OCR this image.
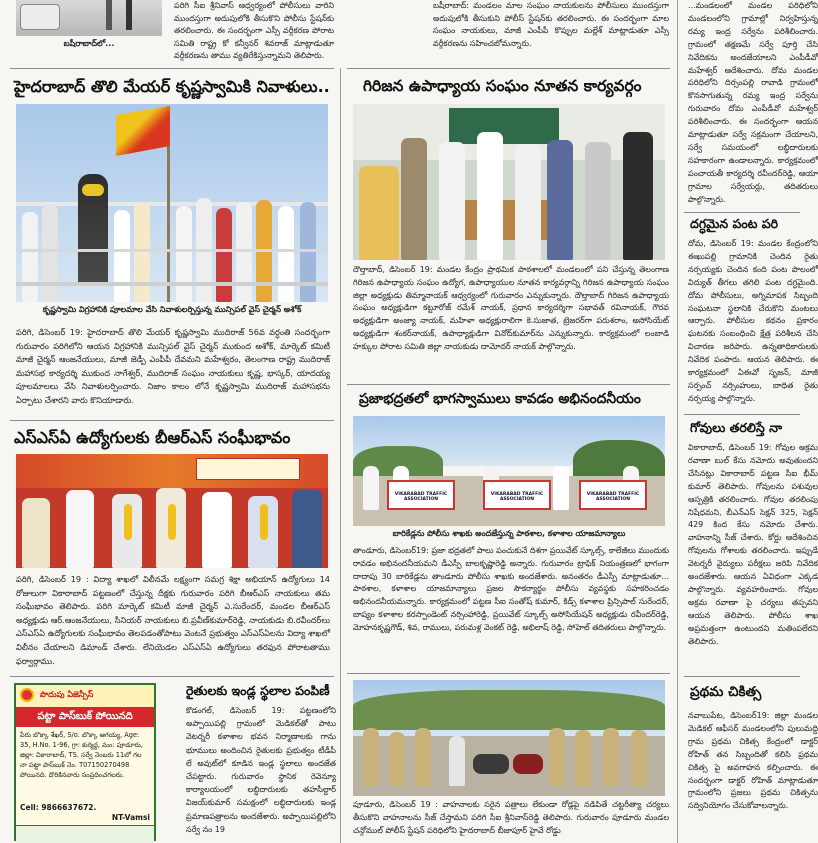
బషీరాబాద్‌లో...
పరిగి సీఐ శ్రీనివాస్ ఆధ్వర్యంలో పోలీసులు వారిని ముందస్తుగా అదుపులోకి తీసుకొని పోలీసు స్టేషన్‌కు తరలించారు. ఈ సందర్భంగా ఎస్సీ వర్గీకరణ పోరాట సమితి రాష్ట్ర కో కన్వీనర్ శివరాజ్ మాట్లాడుతూ వర్గీకరణను తాము వ్యతిరేకిస్తున్నామని తెలిపారు.
హైదరాబాద్ తొలి మేయర్ కృష్ణస్వామికి నివాళులు..
కృష్ణస్వామి విగ్రహానికి పూలమాల వేసి నివాళులర్పిస్తున్న మున్సిపల్ వైస్ చైర్మన్ అశోక్
పరిగి, డిసెంబర్ 19: హైదరాబాద్ తొలి మేయర్ కృష్ణస్వామి ముదిరాజ్ 56వ వర్ధంతి సందర్భంగా గురువారం పరిగిలోని ఆయన విగ్రహానికి మున్సిపల్ వైస్ చైర్మన్ ముకుంద అశోక్, మార్కెట్ కమిటీ మాజీ చైర్మన్ ఆంజనేయులు, మాజీ జెడ్పీ ఎంపీపీ దేవమని మహేశ్వరం, తెలంగాణ రాష్ట్ర ముదిరాజ్ మహాసభ కార్యదర్శి ముకుంద నాగేశ్వర్, ముదిరాజ్ సంఘం నాయకులు కృష్ణ, భాస్కర్, యాదయ్య పూలమాలలు వేసి నివాళులర్పించారు. నిజాం కాలం లోనే కృష్ణస్వామి ముదిరాజ్ మహాసభను ఏర్పాటు చేశారని వారు కొనియాడారు.
ఎస్ఎస్ఏ ఉద్యోగులకు బీఆర్ఎస్ సంఘీభావం
పరిగి, డిసెంబర్ 19 : విద్యా శాఖలో విలీనమే లక్ష్యంగా సమగ్ర శిక్షా అభియాన్ ఉద్యోగులు 14 రోజులుగా వికారాబాద్ పట్టణంలో చేస్తున్న దీక్షకు గురువారం పరిగి బీఆర్ఎస్ నాయకులు తమ సంఘీభావం తెలిపారు. పరిగి మార్కెట్ కమిటీ మాజీ చైర్మన్ ఎ.సురేందర్, మండల బీఆర్ఎస్ అధ్యక్షుడు ఆర్.ఆంజనేయులు, సీనియర్ నాయకులు బి.ప్రవీణ్‌కుమార్‌రెడ్డి, నాయకుడు బి.రవీందర్‌లు ఎస్ఎస్ఏ ఉద్యోగులకు సంఘీభావం తెలపడంతోపాటు వెంటనే ప్రభుత్వం ఎస్ఎస్ఏలను విద్యా శాఖలో విలీనం చేయాలని డిమాండ్ చేశారు. లేనియెడల ఎస్ఎస్ఏ ఉద్యోగులు తరఫున పోరాటతాము ఫర్వార్గాము.
పొదుపు ఏజెన్సీస్
పట్టా పాస్‌బుక్ పోయినది
పేరు బొక్కా శేఖర్, S/o. బొక్కా ఆగయ్య, Age: 35, H.No. 1-96, గ్రా: కుర్మిద్ద, మం: పూడూరు, జిల్లా: వికారాబాద్, TS. సర్వే నెంబరు 11లో గల నా పట్టా పాస్‌బుక్ నెం. T07150270498 పోయినది. దొరికినవారు సంప్రదించగలరు.
Cell: 9866637672.
NT-Vamsi
రైతులకు ఇండ్ల స్థలాల పంపిణీ
కొడంగల్, డిసెంబర్ 19: పట్టణంలోని అప్పాయిపల్లి గ్రామంలో మెడికల్‌తో పాటు వెటర్నరీ కళాశాల భవన నిర్మాణాలకు గాను భూములు అందించిన రైతులకు ప్రభుత్వం టీడీపీ లే అవుట్‌లో కూడిన ఇండ్ల స్థలాలు అందజేత చేపట్టారు. గురువారం స్థానిక రెవెన్యూ కార్యాలయంలో లబ్ధిదారులకు తహసీల్దార్ విజయ్‌కుమార్ సమక్షంలో లబ్ధిదారులకు ఇండ్ల ప్రమాణపత్రాలను అందజేశారు. అప్పాయిపల్లిలోని సర్వే నం 19
బషీరాబాద్: మండలం మాల సంఘం నాయకులను పోలీసులు ముందస్తుగా అదుపులోకి తీసుకుని పోలీస్ స్టేషన్‌కు తరలించారు. ఈ సందర్భంగా మాల సంఘం నాయకులు, మాజీ ఎంపీపీ కొప్పుల మల్లేశ్ మాట్లాడుతూ ఎస్సీ వర్గీకరణను సహించబోమన్నారు.
గిరిజన ఉపాధ్యాయ సంఘం నూతన కార్యవర్గం
దౌల్తాబాద్, డిసెంబర్ 19: మండల కేంద్రం ప్రాథమిక పాఠశాలలో మండలంలో పని చేస్తున్న తెలంగాణ గిరిజన ఉపాధ్యాయ సంఘం ఉద్యోగ, ఉపాధ్యాయుల నూతన కార్యవర్గాన్ని గిరిజన ఉపాధ్యాయ సంఘం జిల్లా అధ్యక్షుడు తిమ్మానాయక్ ఆధ్వర్యంలో గురువారం ఎన్నుకున్నారు. దౌల్తాబాద్ గిరిజన ఉపాధ్యాయ సంఘం అధ్యక్షుడిగా కట్టూరోజ్ రమేశ్ నాయక్, ప్రధాన కార్యదర్శిగా సభావత్ రవినాయక్, గౌరవ అధ్యక్షుడిగా అంజ్యా నాయక్, మహిళా అధ్యక్షురాలిగా కె.సుజాత, ట్రెజరర్‌గా పరుశరాం, అసోసియేట్ అధ్యక్షుడిగా శంకర్‌నాయక్, ఉపాధ్యాక్షుడిగా వినోద్‌కుమార్‌ను ఎన్నుకున్నారు. కార్యక్రమంలో లంబాడి హక్కుల పోరాట సమితి జిల్లా నాయకుడు దామోదర్ నాయక్ పాల్గొన్నారు.
ప్రజాభద్రతలో భాగస్వాములు కావడం అభినందనీయం
VIKARABAD TRAFFIC ASSOCIATION
VIKARABAD TRAFFIC ASSOCIATION
VIKARABAD TRAFFIC ASSOCIATION
బారికేడ్లను పోలీసు శాఖకు అందజేస్తున్న పాఠశాల, కళాశాల యాజమాన్యాలు
తాండూరు, డిసెంబర్19: ప్రజా భద్రతలో పాలు పంచుకునే దిశగా ప్రయివేట్ స్కూల్స్, కాలేజీలు ముందుకు రావడం అభినందనీయమని డీఎస్పీ బాలకృష్ణారెడ్డి అన్నారు. గురువారం ట్రాఫిక్ నియంత్రణలో భాగంగా దాదాపు 30 బారికేడ్లను తాండూరు పోలీసు శాఖకు అందజేశారు. అనంతరం డీఎస్పీ మాట్లాడుతూ... పాఠశాల, కళాశాల యాజమాన్యాలు ప్రజల సౌకర్యార్థం పోలీసు వ్యవస్థకు సహకరించడం అభినందనీయమన్నారు. కార్యక్రమంలో పట్టణ సీఐ సంతోష్ కుమార్, కిడ్స్ కళాశాల ప్రిన్సిపాల్ సురేందర్, బాష్యం కళాశాల కరస్పాండెంట్ నర్సింహారెడ్డి, ప్రయివేట్ స్కూల్స్ అసోసియేషన్ అధ్యక్షుడు రవీందర్‌రెడ్డి, మోహనకృష్ణగౌడ్, శివ, రాములు, పరుమళ్ల వెంకట్ రెడ్డి, అభిలాష్ రెడ్డి, సోహెల్ తదితరులు పాల్గొన్నారు.
పూడూరు, డిసెంబర్ 19 : వాహనాలకు సరైన పత్రాలు లేకుండా రోడ్లపై నడిపితే చట్టరీత్యా చర్యలు తీసుకొని వాహనాలను సీజ్ చేస్తామని పరిగి సీఐ శ్రీనివాస్‌రెడ్డి తెలిపారు. గురువారం పూడూరు మండల చన్గోముల్ పోలీస్ స్టేషన్ పరిధిలోని హైదరాబాద్ బీజాపూర్ హైవే రోడ్డు
...మండలంలో మండల పరిధిలోని మండలంలోని గ్రామాల్లో నిర్వహిస్తున్న రమ్య ఇంద్ర సర్వేను పరిశీలించారు. గ్రామంలో తక్షణమే సర్వే పూర్తి చేసి నివేదికను అందజేయాలని ఎంపీడీవో మహేశ్వర్ ఆదేశించారు. దోమ మండల పరిధిలోని దిర్సంపల్లి రావాడి గ్రామంలో కొనసాగుతున్న రమ్య ఇంద్ర సర్వేను గురువారం దోమ ఎంపీడీవో మహేశ్వర్ పరిశీలించారు. ఈ సందర్భంగా ఆయన మాట్లాడుతూ సర్వే సక్రమంగా చేయాలని, సర్వే సమయంలో లబ్ధిదారులకు సహకారంగా ఉండాలన్నారు. కార్యక్రమంలో పంచాయతీ కార్యదర్శి రవీందర్‌రెడ్డి, ఆయా గ్రామాల సర్వేయర్లు, తదితరులు పాల్గొన్నారు.
దగ్ధమైన పంట పరి
దోమ, డిసెంబర్ 19: మండల కేంద్రంలోని ఈఖుపల్లి గ్రామానికి చెందిన రైతు నర్సయ్యకు చెందిన కంది పంట పొలంలో విద్యుత్ తీగలు తగిలి పంట దగ్ధమైంది. దోమ పోలీసులు, అగ్నిమాపక సిబ్బంది సంఘటనా స్థలానికి చేరుకొని మంటలు ఆర్పారు. పోలీసుల కథనం ప్రకారం ఘటనకు సంబంధించి క్షేత్ర పరిశీలన చేసి విచారణ జరిపారు. ఉన్నతాధికారులకు నివేదిక పంపారు. ఆయన తెలిపారు. ఈ కార్యక్రమంలో ఏఈవో సృజన్, మాజీ సర్పంచ్ నర్సింహులు, బాధిత రైతు నర్సయ్య పాల్గొన్నారు.
గోవులు తరలిస్తే నా
వికారాబాద్, డిసెంబర్ 19: గోవుల అక్రమ రవాణా బుల్ కేసు నమోదు అవుతుందని చేసినట్లు వికారాబాద్ పట్టణ సీఐ భీమ్ కుమార్ తెలిపారు. గోవులను పశువుల ఆస్పత్రికి తరలించారు. గోవుల తరలింపు నిషేధమని, బీఎన్ఎస్ సెక్షన్ 325, సెక్షన్ 429 కింద కేసు నమోదు చేశారు. వాహనాన్ని సీజ్ చేశారు. కోర్టు ఆదేశించిన గోవులను గోశాలకు తరలించారు. ఇప్పుడే వెటర్నరీ వైద్యులు పరీక్షలు జరిపి నివేదిక అందజేశారు. ఆయన ఏవిధంగా ఎక్కడ పాల్గొన్నారు. వ్యవహరించారు. గోవుల అక్రమ రవాణా పై చర్యలు తప్పవని ఆయన తెలిపారు. పోలీసు శాఖ అప్రమత్తంగా ఉంటుందని మతింపలేరని తెలిపారు.
ప్రథమ చికిత్స
నవాబుపేట, డిసెంబర్19: జిల్లా మండల మెడికల్ ఆఫీసర్ మండలంలోని పులుమద్ది గ్రామ ప్రథమ చికిత్స కేంద్రంలో డాక్టర్ రోహిత్ తన సిబ్బందితో కలిసి ప్రథమ చికిత్స పై అవగాహన కల్పించారు. ఈ సందర్భంగా డాక్టర్ రోహిత్ మాట్లాడుతూ గ్రామంలోని ప్రజలు ప్రథమ చికిత్సను సద్వినియోగం చేసుకోవాలన్నారు.
